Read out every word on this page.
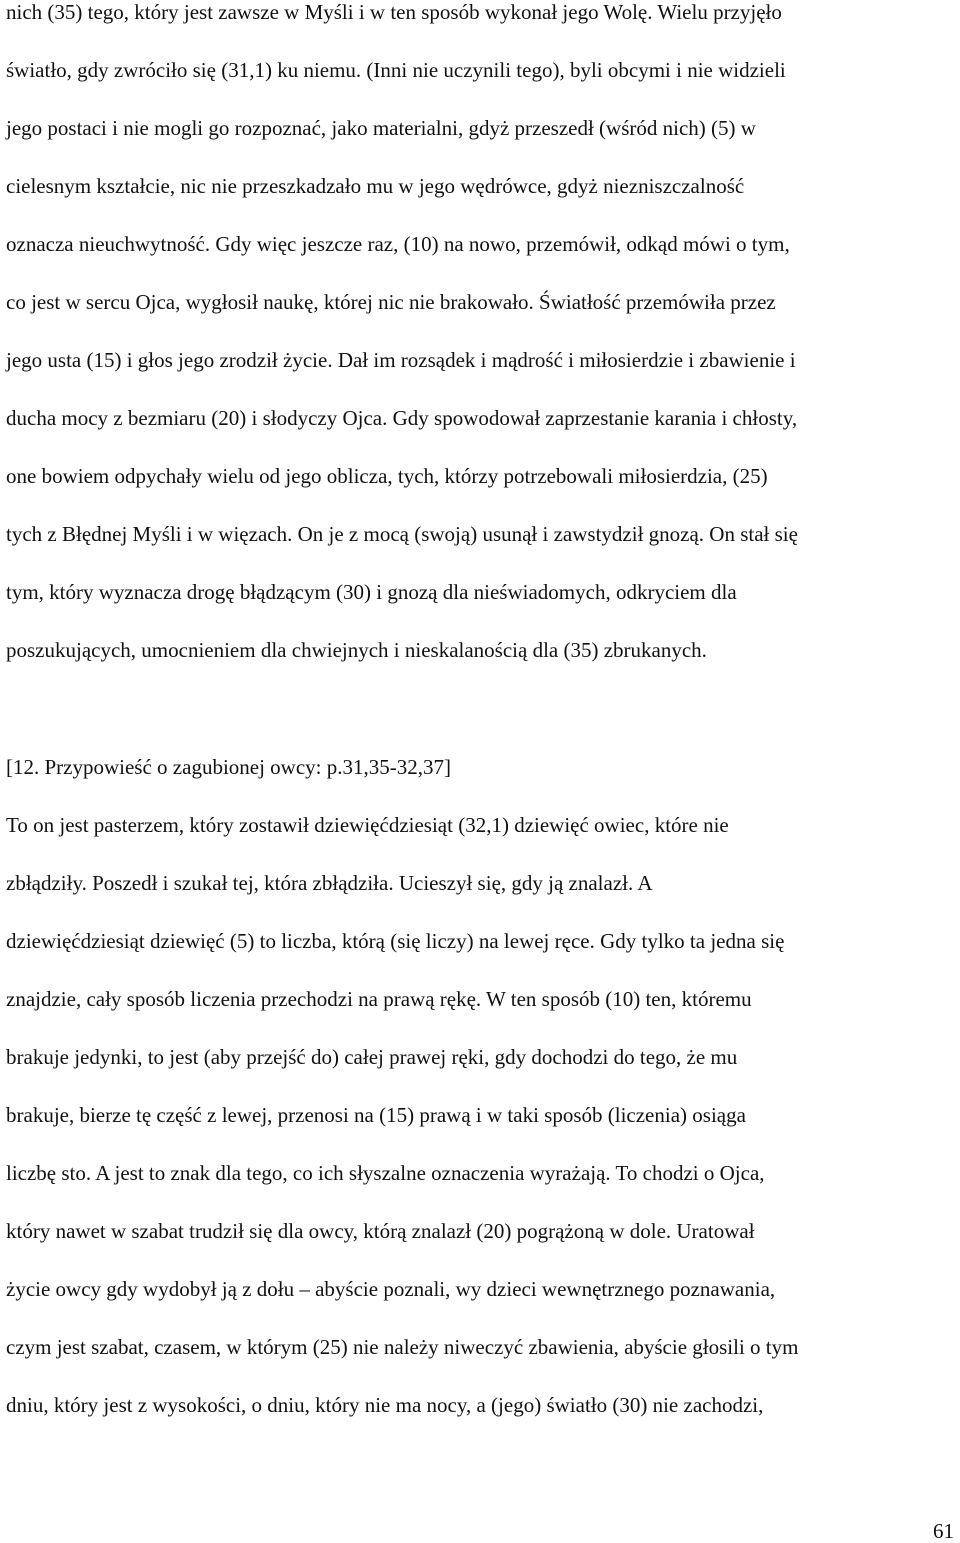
nich (35) tego, który jest zawsze w Myśli i w ten sposób wykonał jego Wolę. Wielu przyjęło
światło, gdy zwróciło się (31,1) ku niemu. (Inni nie uczynili tego), byli obcymi i nie widzieli
jego postaci i nie mogli go rozpoznać, jako materialni, gdyż przeszedł (wśród nich) (5) w
cielesnym kształcie, nic nie przeszkadzało mu w jego wędrówce, gdyż niezniszczalność
oznacza nieuchwytność. Gdy więc jeszcze raz, (10) na nowo, przemówił, odkąd mówi o tym,
co jest w sercu Ojca, wygłosił naukę, której nic nie brakowało. Światłość przemówiła przez
jego usta (15) i głos jego zrodził życie. Dał im rozsądek i mądrość i miłosierdzie i zbawienie i
ducha mocy z bezmiaru (20) i słodyczy Ojca. Gdy spowodował zaprzestanie karania i chłosty,
one bowiem odpychały wielu od jego oblicza, tych, którzy potrzebowali miłosierdzia, (25)
tych z Błędnej Myśli i w więzach. On je z mocą (swoją) usunął i zawstydził gnozą. On stał się
tym, który wyznacza drogę błądzącym (30) i gnozą dla nieświadomych, odkryciem dla
poszukujących, umocnieniem dla chwiejnych i nieskalanością dla (35) zbrukanych.
[12. Przypowieść o zagubionej owcy: p.31,35-32,37]
To on jest pasterzem, który zostawił dziewięćdziesiąt (32,1) dziewięć owiec, które nie
zbłądziły. Poszedł i szukał tej, która zbłądziła. Ucieszył się, gdy ją znalazł. A
dziewięćdziesiąt dziewięć (5) to liczba, którą (się liczy) na lewej ręce. Gdy tylko ta jedna się
znajdzie, cały sposób liczenia przechodzi na prawą rękę. W ten sposób (10) ten, któremu
brakuje jedynki, to jest (aby przejść do) całej prawej ręki, gdy dochodzi do tego, że mu
brakuje, bierze tę część z lewej, przenosi na (15) prawą i w taki sposób (liczenia) osiąga
liczbę sto. A jest to znak dla tego, co ich słyszalne oznaczenia wyrażają. To chodzi o Ojca,
który nawet w szabat trudził się dla owcy, którą znalazł (20) pogrążoną w dole. Uratował
życie owcy gdy wydobył ją z dołu – abyście poznali, wy dzieci wewnętrznego poznawania,
czym jest szabat, czasem, w którym (25) nie należy niweczyć zbawienia, abyście głosili o tym
dniu, który jest z wysokości, o dniu, który nie ma nocy, a (jego) światło (30) nie zachodzi,
61
